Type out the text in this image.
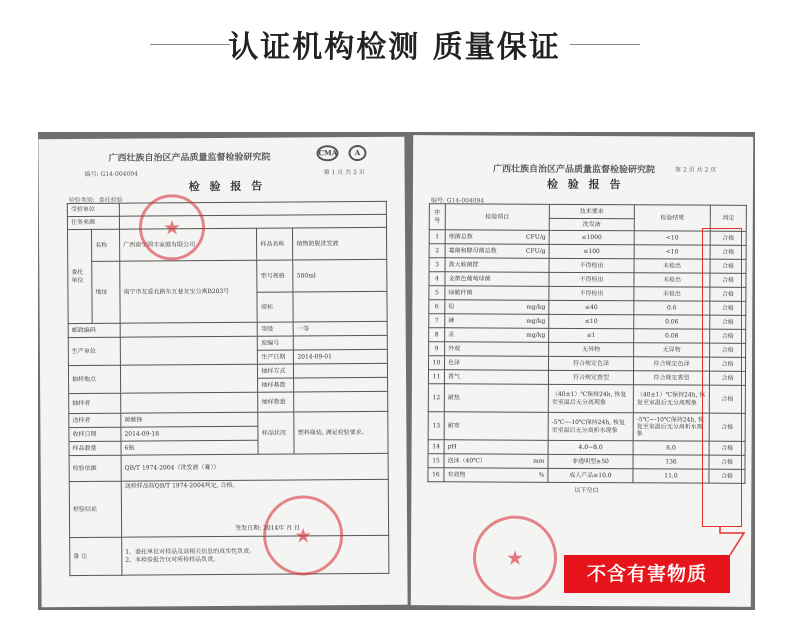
认证机构检测 质量保证
广西壮族自治区产品质量监督检验研究院	CMA	A
编号: G14-004094	第 1 页 共 2 页
检 验 报 告
检验类别: 委托检验
受检单位				
任务来源				
委托单位	名称	广西南宁圆丰家庭有限公司	样品名称	植物防脱洗发液
	地址	南宁市友爱北路东五巷友宝公寓B203号	型号规格	500ml
			商标	
邮政编码			等级	一等
生产单位			原编号	
			生产日期	2014-09-01
抽样地点			抽样方式	
			抽样基数	
抽样者			抽样数量	
送样者		黄献锋	样品状况	塑料瓶装, 满足检验要求。
收样日期		2014-09-18		
样品数量		6瓶		
检验依据		QB/T 1974-2004《洗发液（膏）》		
检验结论		送检样品按QB/T 1974-2004判定, 合格。
签发日期: 2014年 月 日		

备 注		1、委托单位对样品及其相关信息的真实性负责。
2、本检验报告仅对所检样品负责。		
★
★
广西壮族自治区产品质量监督检验研究院	第 2 页 共 2 页
检 验 报 告
编号: G14-004094
序号	检验项目	技术要求	检验结果	判定
		洗发液		
1	细菌总数 CFU/g	≤1000	<10	合格
2	霉菌和酵母菌总数 CFU/g	≤100	<10	合格
3	粪大肠菌群	不得检出	未检出	合格
4	金黄色葡萄球菌	不得检出	未检出	合格
5	绿脓杆菌	不得检出	未检出	合格
6	铅 mg/kg	≤40	0.6	合格
7	砷 mg/kg	≤10	0.06	合格
8	汞 mg/kg	≤1	0.08	合格
9	外观	无异物	无异物	合格
10	色泽	符合规定色泽	符合规定色泽	合格
11	香气	符合规定香型	符合规定香型	合格
12	耐热	（40±1）℃保持24h, 恢复至室温后无分离现象	（40±1）℃保持24h, 恢复至室温后无分离现象	合格
13	耐寒	-5℃~-10℃保持24h, 恢复至室温后无分离析水现象	-5℃~-10℃保持24h, 恢复至室温后无分离析水现象	合格
14	pH	4.0~8.0	6.0	合格
15	泡沫（40℃） mm	非透明型≥50	136	合格
16	有效物 %	成人产品≥10.0	11.0	合格
以下空白				
★
不含有害物质
